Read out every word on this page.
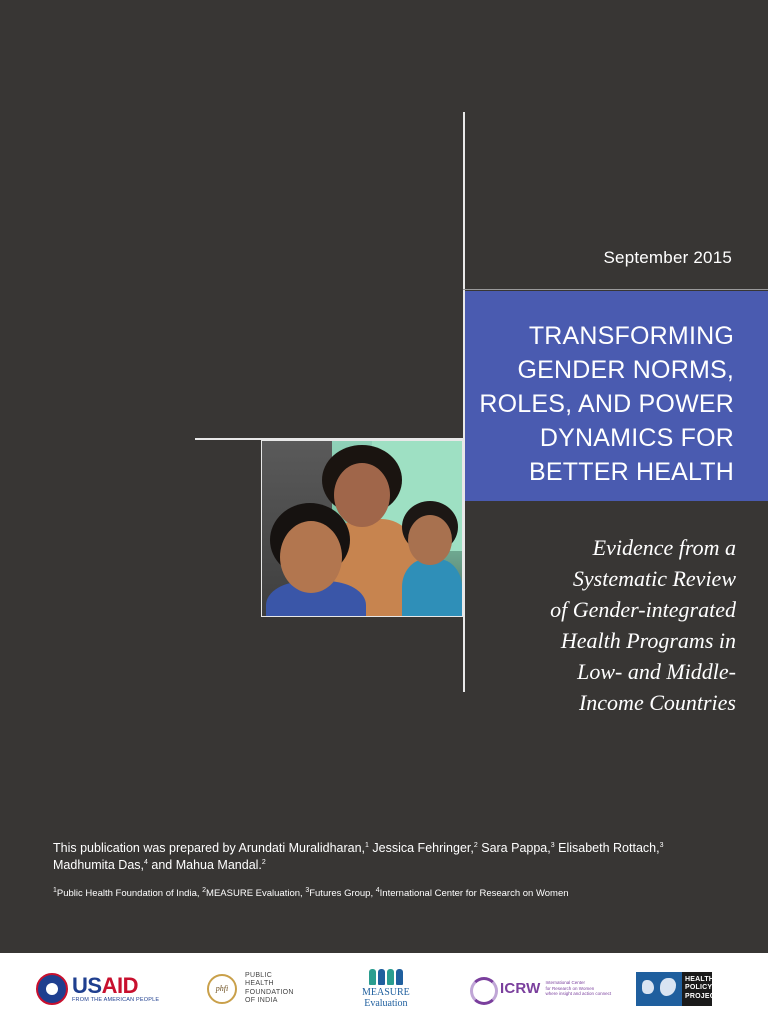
September 2015
TRANSFORMING
GENDER NORMS,
ROLES, AND POWER
DYNAMICS FOR
BETTER HEALTH
Evidence from a
Systematic Review
of Gender-integrated
Health Programs in
Low- and Middle-
Income Countries
This publication was prepared by Arundati Muralidharan,$^1$ Jessica Fehringer,$^2$ Sara Pappa,$^3$ Elisabeth Rottach,$^3$ Madhumita Das,$^4$ and Mahua Mandal.$^2$
$^1$Public Health Foundation of India, $^2$MEASURE Evaluation, $^3$Futures Group, $^4$International Center for Research on Women
USAID
FROM THE AMERICAN PEOPLE
phfi
PUBLIC
HEALTH
FOUNDATION
OF INDIA
MEASURE
Evaluation
ICRW International Center
for Research on Women
where insight and action connect
HEALTH
POLICY
PROJECT
